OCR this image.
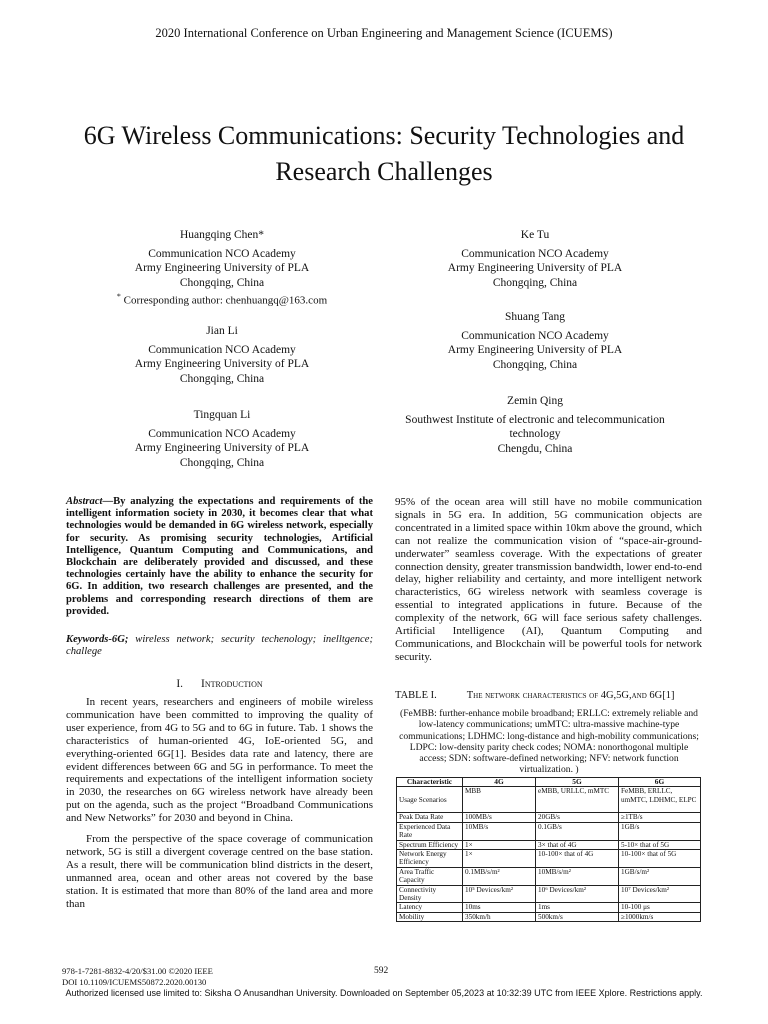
2020 International Conference on Urban Engineering and Management Science (ICUEMS)
6G Wireless Communications: Security Technologies and Research Challenges
Huangqing Chen*
Communication NCO Academy
Army Engineering University of PLA
Chongqing, China
* Corresponding author: chenhuangq@163.com
Ke Tu
Communication NCO Academy
Army Engineering University of PLA
Chongqing, China
Shuang Tang
Communication NCO Academy
Army Engineering University of PLA
Chongqing, China
Jian Li
Communication NCO Academy
Army Engineering University of PLA
Chongqing, China
Zemin Qing
Southwest Institute of electronic and telecommunication
technology
Chengdu, China
Tingquan Li
Communication NCO Academy
Army Engineering University of PLA
Chongqing, China
Abstract—By analyzing the expectations and requirements of the intelligent information society in 2030, it becomes clear that what technologies would be demanded in 6G wireless network, especially for security. As promising security technologies, Artificial Intelligence, Quantum Computing and Communications, and Blockchain are deliberately provided and discussed, and these technologies certainly have the ability to enhance the security for 6G. In addition, two research challenges are presented, and the problems and corresponding research directions of them are provided.
Keywords-6G; wireless network; security techenology; inelltgence; challege
I. Introduction

In recent years, researchers and engineers of mobile wireless communication have been committed to improving the quality of user experience, from 4G to 5G and to 6G in future. Tab. 1 shows the characteristics of human-oriented 4G, IoE-oriented 5G, and everything-oriented 6G[1]. Besides data rate and latency, there are evident differences between 6G and 5G in performance. To meet the requirements and expectations of the intelligent information society in 2030, the researches on 6G wireless network have already been put on the agenda, such as the project “Broadband Communications and New Networks” for 2030 and beyond in China.

From the perspective of the space coverage of communication network, 5G is still a divergent coverage centred on the base station. As a result, there will be communication blind districts in the desert, unmanned area, ocean and other areas not covered by the base station. It is estimated that more than 80% of the land area and more than

95% of the ocean area will still have no mobile communication signals in 5G era. In addition, 5G communication objects are concentrated in a limited space within 10km above the ground, which can not realize the communication vision of “space-air-ground-underwater” seamless coverage. With the expectations of greater connection density, greater transmission bandwidth, lower end-to-end delay, higher reliability and certainty, and more intelligent network characteristics, 6G wireless network with seamless coverage is essential to integrated applications in future. Because of the complexity of the network, 6G will face serious safety challenges. Artificial Intelligence (AI), Quantum Computing and Communications, and Blockchain will be powerful tools for network security.

TABLE I.	The network characteristics of 4G,5G,and 6G[1]
(FeMBB: further-enhance mobile broadband; ERLLC: extremely reliable and low-latency communications; umMTC: ultra-massive machine-type communications; LDHMC: long-distance and high-mobility communications; LDPC: low-density parity check codes; NOMA: nonorthogonal multiple access; SDN: software-defined networking; NFV: network function virtualization. )
Characteristic	4G	5G	6G
Usage Scenarios	MBB	eMBB, URLLC, mMTC	FeMBB, ERLLC, umMTC, LDHMC, ELPC
Peak Data Rate	100MB/s	20GB/s	≥1TB/s
Experienced Data Rate	10MB/s	0.1GB/s	1GB/s
Spectrum Efficiency	1×	3× that of 4G	5-10× that of 5G
Network Energy Efficiency	1×	10-100× that of 4G	10-100× that of 5G
Area Traffic Capacity	0.1MB/s/m²	10MB/s/m²	1GB/s/m²
Connectivity Density	10⁵ Devices/km²	10⁶ Devices/km²	10⁷ Devices/km²
Latency	10ms	1ms	10-100 μs
Mobility	350km/h	500km/s	≥1000km/s
978-1-7281-8832-4/20/$31.00 ©2020 IEEE
DOI 10.1109/ICUEMS50872.2020.00130
592
Authorized licensed use limited to: Siksha O Anusandhan University. Downloaded on September 05,2023 at 10:32:39 UTC from IEEE Xplore. Restrictions apply.
